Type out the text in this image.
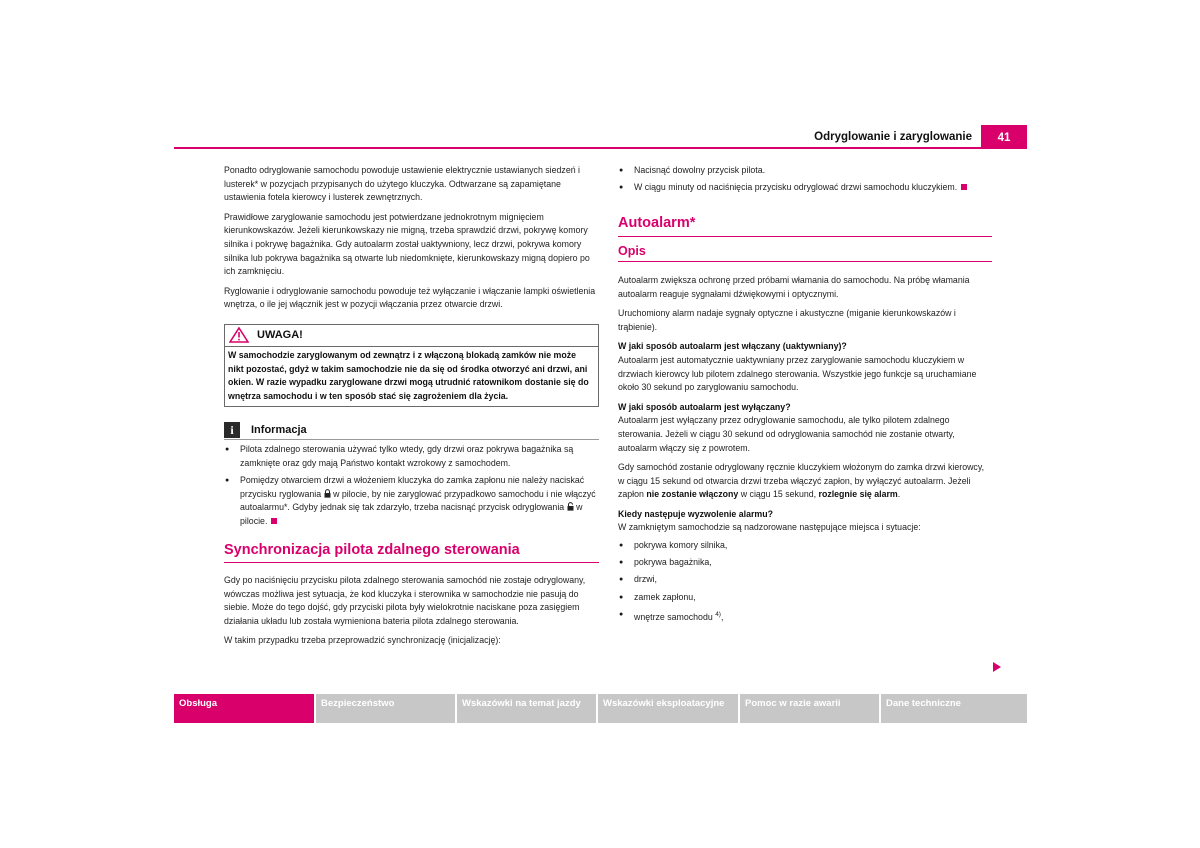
Odryglowanie i zaryglowanie	41

Ponadto odryglowanie samochodu powoduje ustawienie elektrycznie ustawianych siedzeń i lusterek* w pozycjach przypisanych do użytego kluczyka. Odtwarzane są zapamiętane ustawienia fotela kierowcy i lusterek zewnętrznych.

Prawidłowe zaryglowanie samochodu jest potwierdzane jednokrotnym mignięciem kierunkowskazów. Jeżeli kierunkowskazy nie migną, trzeba sprawdzić drzwi, pokrywę komory silnika i pokrywę bagażnika. Gdy autoalarm został uaktywniony, lecz drzwi, pokrywa komory silnika lub pokrywa bagażnika są otwarte lub niedomknięte, kierunkowskazy migną dopiero po ich zamknięciu.

Ryglowanie i odryglowanie samochodu powoduje też wyłączanie i włączanie lampki oświetlenia wnętrza, o ile jej włącznik jest w pozycji włączania przez otwarcie drzwi.

UWAGA!
W samochodzie zaryglowanym od zewnątrz i z włączoną blokadą zamków nie może nikt pozostać, gdyż w takim samochodzie nie da się od środka otworzyć ani drzwi, ani okien. W razie wypadku zaryglowane drzwi mogą utrudnić ratownikom dostanie się do wnętrza samochodu i w ten sposób stać się zagrożeniem dla życia.
i	Informacja
● Pilota zdalnego sterowania używać tylko wtedy, gdy drzwi oraz pokrywa bagażnika są zamknięte oraz gdy mają Państwo kontakt wzrokowy z samochodem.
● Pomiędzy otwarciem drzwi a włożeniem kluczyka do zamka zapłonu nie należy naciskać przycisku ryglowania w pilocie, by nie zaryglować przypadkowo samochodu i nie włączyć autoalarmu*. Gdyby jednak się tak zdarzyło, trzeba nacisnąć przycisk odryglowania w pilocie.
Synchronizacja pilota zdalnego sterowania

Gdy po naciśnięciu przycisku pilota zdalnego sterowania samochód nie zostaje odryglowany, wówczas możliwa jest sytuacja, że kod kluczyka i sterownika w samochodzie nie pasują do siebie. Może do tego dojść, gdy przyciski pilota były wielokrotnie naciskane poza zasięgiem działania układu lub została wymieniona bateria pilota zdalnego sterowania.

W takim przypadku trzeba przeprowadzić synchronizację (inicjalizację):

● Nacisnąć dowolny przycisk pilota.
● W ciągu minuty od naciśnięcia przycisku odryglować drzwi samochodu kluczykiem.
Autoalarm*
Opis

Autoalarm zwiększa ochronę przed próbami włamania do samochodu. Na próbę włamania autoalarm reaguje sygnałami dźwiękowymi i optycznymi.

Uruchomiony alarm nadaje sygnały optyczne i akustyczne (miganie kierunkowskazów i trąbienie).

W jaki sposób autoalarm jest włączany (uaktywniany)?

Autoalarm jest automatycznie uaktywniany przez zaryglowanie samochodu kluczykiem w drzwiach kierowcy lub pilotem zdalnego sterowania. Wszystkie jego funkcje są uruchamiane około 30 sekund po zaryglowaniu samochodu.

W jaki sposób autoalarm jest wyłączany?

Autoalarm jest wyłączany przez odryglowanie samochodu, ale tylko pilotem zdalnego sterowania. Jeżeli w ciągu 30 sekund od odryglowania samochód nie zostanie otwarty, autoalarm włączy się z powrotem.

Gdy samochód zostanie odryglowany ręcznie kluczykiem włożonym do zamka drzwi kierowcy, w ciągu 15 sekund od otwarcia drzwi trzeba włączyć zapłon, by wyłączyć autoalarm. Jeżeli zapłon nie zostanie włączony w ciągu 15 sekund, rozlegnie się alarm.

Kiedy następuje wyzwolenie alarmu?

W zamkniętym samochodzie są nadzorowane następujące miejsca i sytuacje:

● pokrywa komory silnika,
● pokrywa bagażnika,
● drzwi,
● zamek zapłonu,
● wnętrze samochodu $^{4)}$,
Obsługa	Bezpieczeństwo	Wskazówki na temat jazdy	Wskazówki eksploatacyjne	Pomoc w razie awarii	Dane techniczne
